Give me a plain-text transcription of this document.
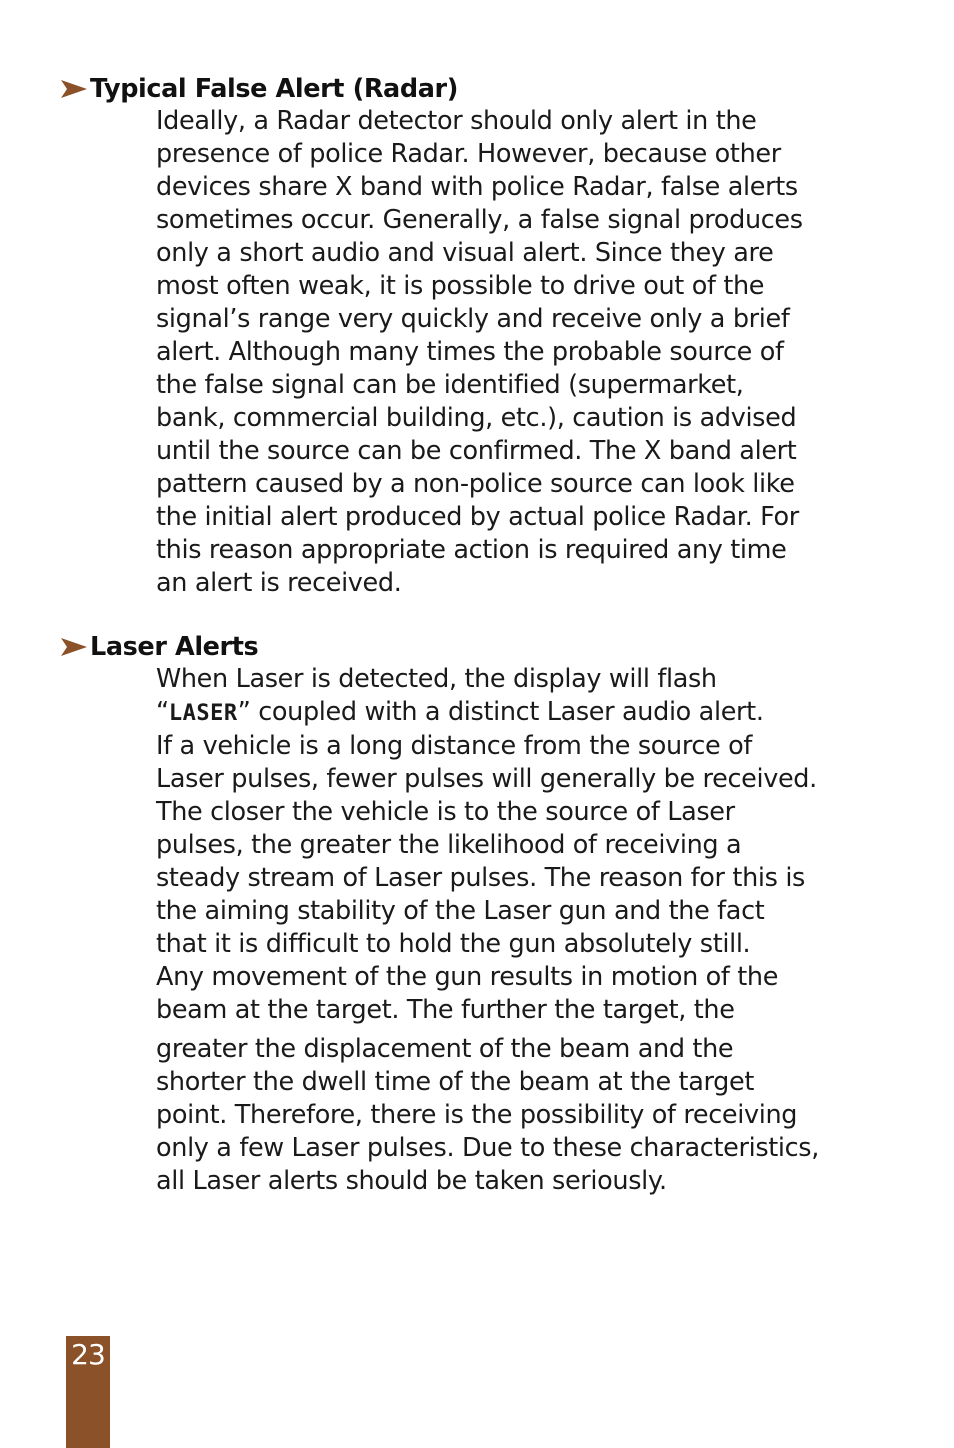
Typical False Alert (Radar)

Ideally, a Radar detector should only alert in the
presence of police Radar. However, because other
devices share X band with police Radar, false alerts
sometimes occur. Generally, a false signal produces
only a short audio and visual alert. Since they are
most often weak, it is possible to drive out of the
signal’s range very quickly and receive only a brief
alert. Although many times the probable source of
the false signal can be identified (supermarket,
bank, commercial building, etc.), caution is advised
until the source can be confirmed. The X band alert
pattern caused by a non-police source can look like
the initial alert produced by actual police Radar. For
this reason appropriate action is required any time
an alert is received.

Laser Alerts

When Laser is detected, the display will flash
“LASER” coupled with a distinct Laser audio alert.
If a vehicle is a long distance from the source of
Laser pulses, fewer pulses will generally be received.
The closer the vehicle is to the source of Laser
pulses, the greater the likelihood of receiving a
steady stream of Laser pulses. The reason for this is
the aiming stability of the Laser gun and the fact
that it is difficult to hold the gun absolutely still.
Any movement of the gun results in motion of the
beam at the target. The further the target, the
greater the displacement of the beam and the
shorter the dwell time of the beam at the target
point. Therefore, there is the possibility of receiving
only a few Laser pulses. Due to these characteristics,
all Laser alerts should be taken seriously.

23
